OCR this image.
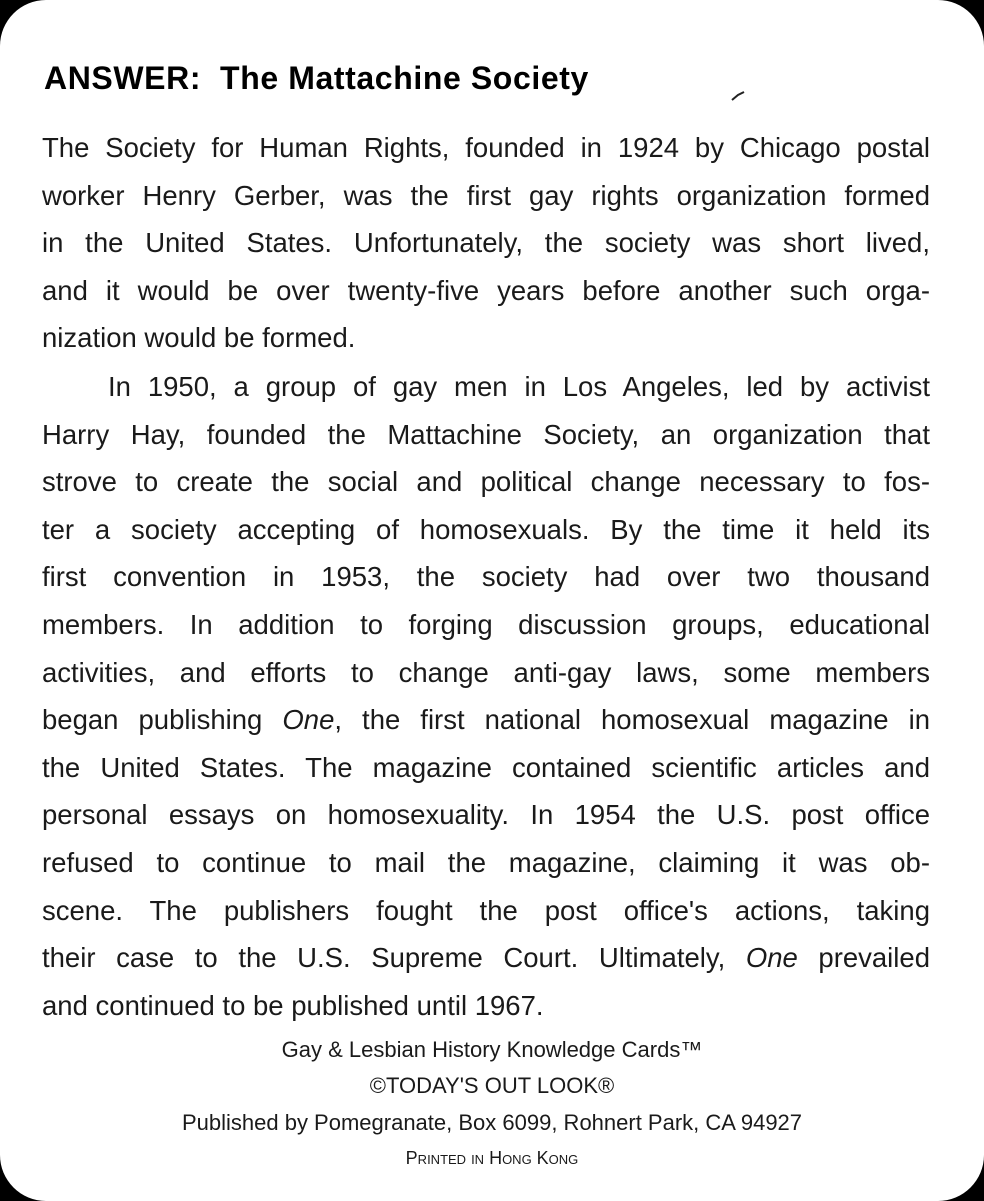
ANSWER:  The Mattachine Society
The Society for Human Rights, founded in 1924 by Chicago postal
worker Henry Gerber, was the first gay rights organization formed
in the United States. Unfortunately, the society was short lived,
and it would be over twenty-five years before another such orga-
nization would be formed.
In 1950, a group of gay men in Los Angeles, led by activist
Harry Hay, founded the Mattachine Society, an organization that
strove to create the social and political change necessary to fos-
ter a society accepting of homosexuals. By the time it held its
first convention in 1953, the society had over two thousand
members. In addition to forging discussion groups, educational
activities, and efforts to change anti-gay laws, some members
began publishing One, the first national homosexual magazine in
the United States. The magazine contained scientific articles and
personal essays on homosexuality. In 1954 the U.S. post office
refused to continue to mail the magazine, claiming it was ob-
scene. The publishers fought the post office's actions, taking
their case to the U.S. Supreme Court. Ultimately, One prevailed
and continued to be published until 1967.
Gay & Lesbian History Knowledge Cards™
©TODAY'S OUT LOOK®
Published by Pomegranate, Box 6099, Rohnert Park, CA 94927
Printed in Hong Kong
